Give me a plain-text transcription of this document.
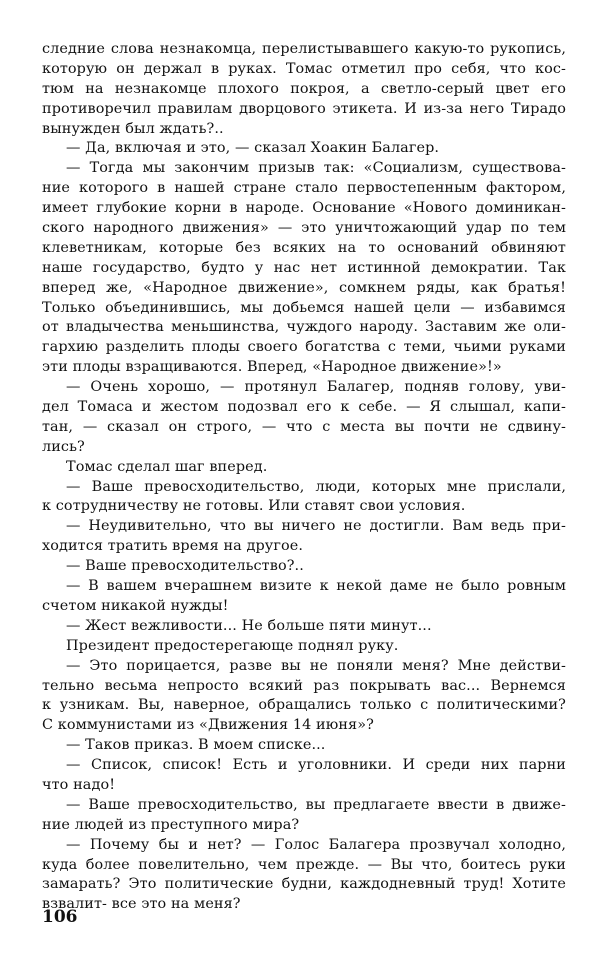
следние слова незнакомца, перелистывавшего какую-то рукопись,
которую он держал в руках. Томас отметил про себя, что кос-
тюм на незнакомце плохого покроя, а светло-серый цвет его
противоречил правилам дворцового этикета. И из-за него Тирадо
вынужден был ждать?..
— Да, включая и это, — сказал Хоакин Балагер.
— Тогда мы закончим призыв так: «Социализм, существова-
ние которого в нашей стране стало первостепенным фактором,
имеет глубокие корни в народе. Основание «Нового доминикан-
ского народного движения» — это уничтожающий удар по тем
клеветникам, которые без всяких на то оснований обвиняют
наше государство, будто у нас нет истинной демократии. Так
вперед же, «Народное движение», сомкнем ряды, как братья!
Только объединившись, мы добьемся нашей цели — избавимся
от владычества меньшинства, чуждого народу. Заставим же оли-
гархию разделить плоды своего богатства с теми, чьими руками
эти плоды взращиваются. Вперед, «Народное движение»!»
— Очень хорошо, — протянул Балагер, подняв голову, уви-
дел Томаса и жестом подозвал его к себе. — Я слышал, капи-
тан, — сказал он строго, — что с места вы почти не сдвину-
лись?
Томас сделал шаг вперед.
— Ваше превосходительство, люди, которых мне прислали,
к сотрудничеству не готовы. Или ставят свои условия.
— Неудивительно, что вы ничего не достигли. Вам ведь при-
ходится тратить время на другое.
— Ваше превосходительство?..
— В вашем вчерашнем визите к некой даме не было ровным
счетом никакой нужды!
— Жест вежливости... Не больше пяти минут...
Президент предостерегающе поднял руку.
— Это порицается, разве вы не поняли меня? Мне действи-
тельно весьма непросто всякий раз покрывать вас... Вернемся
к узникам. Вы, наверное, обращались только с политическими?
С коммунистами из «Движения 14 июня»?
— Таков приказ. В моем списке...
— Список, список! Есть и уголовники. И среди них парни
что надо!
— Ваше превосходительство, вы предлагаете ввести в движе-
ние людей из преступного мира?
— Почему бы и нет? — Голос Балагера прозвучал холодно,
куда более повелительно, чем прежде. — Вы что, боитесь руки
замарать? Это политические будни, каждодневный труд! Хотите
взвалит- все это на меня?
106
